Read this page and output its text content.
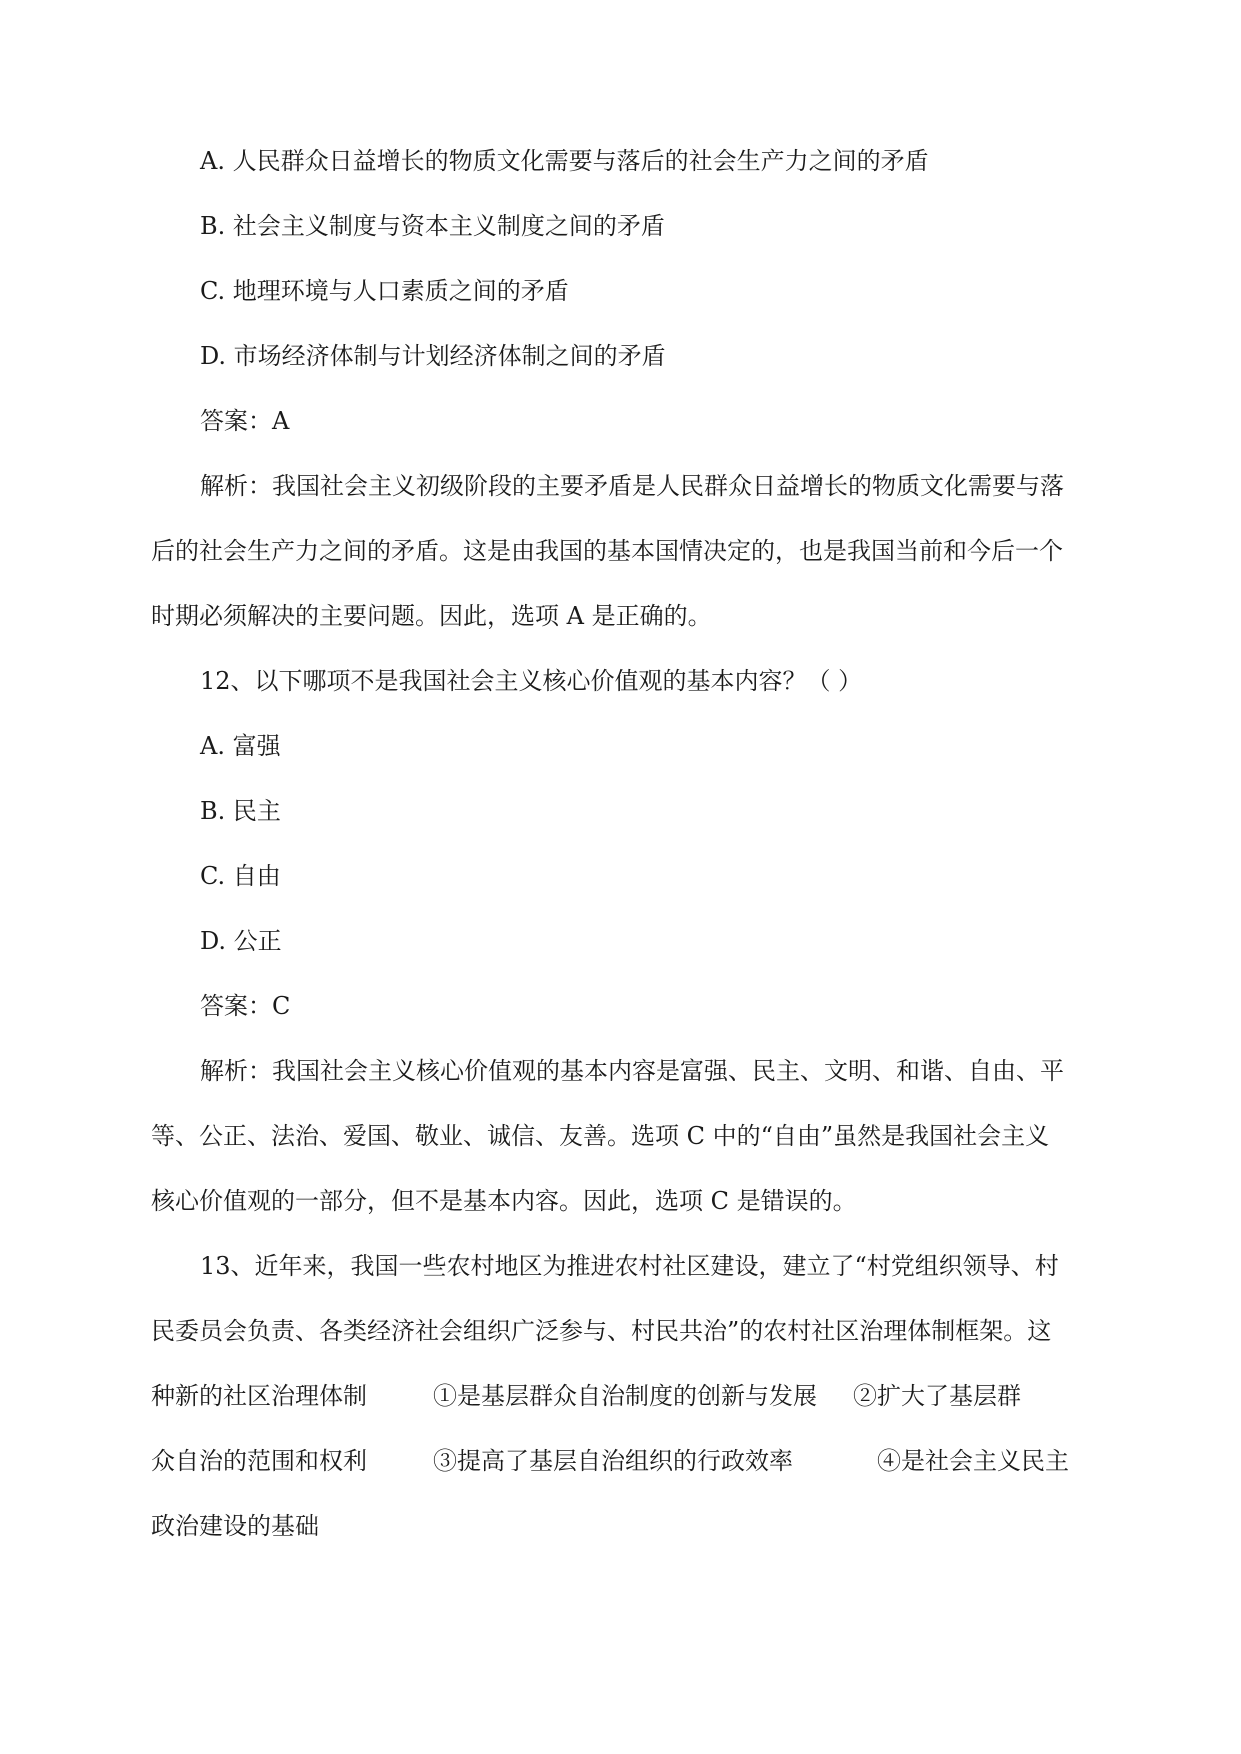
A. 人民群众日益增长的物质文化需要与落后的社会生产力之间的矛盾

B. 社会主义制度与资本主义制度之间的矛盾

C. 地理环境与人口素质之间的矛盾

D. 市场经济体制与计划经济体制之间的矛盾

答案：A

解析：我国社会主义初级阶段的主要矛盾是人民群众日益增长的物质文化需要与落
后的社会生产力之间的矛盾。这是由我国的基本国情决定的，也是我国当前和今后一个
时期必须解决的主要问题。因此，选项 A 是正确的。

12、以下哪项不是我国社会主义核心价值观的基本内容？（ ）

A. 富强

B. 民主

C. 自由

D. 公正

答案：C

解析：我国社会主义核心价值观的基本内容是富强、民主、文明、和谐、自由、平
等、公正、法治、爱国、敬业、诚信、友善。选项 C 中的“自由”虽然是我国社会主义
核心价值观的一部分，但不是基本内容。因此，选项 C 是错误的。
13、近年来，我国一些农村地区为推进农村社区建设，建立了“村党组织领导、村
民委员会负责、各类经济社会组织广泛参与、村民共治”的农村社区治理体制框架。这
种新的社区治理体制	①是基层群众自治制度的创新与发展 ②扩大了基层群
众自治的范围和权利	③提高了基层自治组织的行政效率	④是社会主义民主
政治建设的基础
